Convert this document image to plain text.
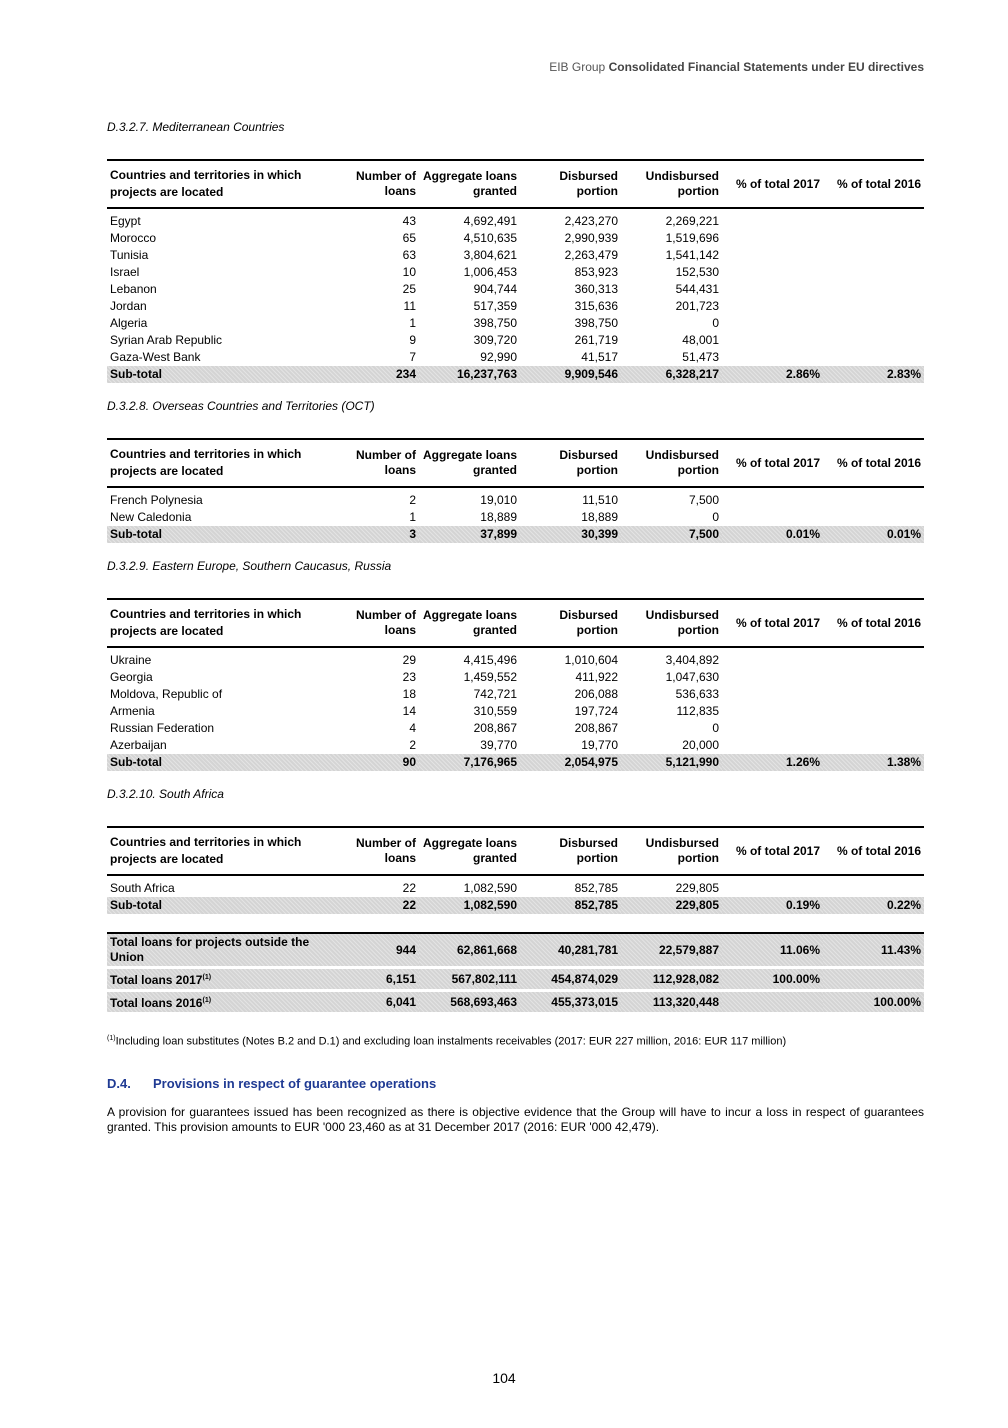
EIB Group Consolidated Financial Statements under EU directives
D.3.2.7. Mediterranean Countries
Countries and territories in which projects are located	Number of loans	Aggregate loans granted	Disbursed portion	Undisbursed portion	% of total 2017	% of total 2016
Egypt	43	4,692,491	2,423,270	2,269,221		
Morocco	65	4,510,635	2,990,939	1,519,696		
Tunisia	63	3,804,621	2,263,479	1,541,142		
Israel	10	1,006,453	853,923	152,530		
Lebanon	25	904,744	360,313	544,431		
Jordan	11	517,359	315,636	201,723		
Algeria	1	398,750	398,750	0		
Syrian Arab Republic	9	309,720	261,719	48,001		
Gaza-West Bank	7	92,990	41,517	51,473		
Sub-total	234	16,237,763	9,909,546	6,328,217	2.86%	2.83%
D.3.2.8. Overseas Countries and Territories (OCT)
Countries and territories in which projects are located	Number of loans	Aggregate loans granted	Disbursed portion	Undisbursed portion	% of total 2017	% of total 2016
French Polynesia	2	19,010	11,510	7,500		
New Caledonia	1	18,889	18,889	0		
Sub-total	3	37,899	30,399	7,500	0.01%	0.01%
D.3.2.9. Eastern Europe, Southern Caucasus, Russia
Countries and territories in which projects are located	Number of loans	Aggregate loans granted	Disbursed portion	Undisbursed portion	% of total 2017	% of total 2016
Ukraine	29	4,415,496	1,010,604	3,404,892		
Georgia	23	1,459,552	411,922	1,047,630		
Moldova, Republic of	18	742,721	206,088	536,633		
Armenia	14	310,559	197,724	112,835		
Russian Federation	4	208,867	208,867	0		
Azerbaijan	2	39,770	19,770	20,000		
Sub-total	90	7,176,965	2,054,975	5,121,990	1.26%	1.38%
D.3.2.10. South Africa
Countries and territories in which projects are located	Number of loans	Aggregate loans granted	Disbursed portion	Undisbursed portion	% of total 2017	% of total 2016
South Africa	22	1,082,590	852,785	229,805		
Sub-total	22	1,082,590	852,785	229,805	0.19%	0.22%
Total loans for projects outside the Union	944	62,861,668	40,281,781	22,579,887	11.06%	11.43%
Total loans 2017$^{(1)}$	6,151	567,802,111	454,874,029	112,928,082	100.00%	
Total loans 2016$^{(1)}$	6,041	568,693,463	455,373,015	113,320,448		100.00%
$^{(1)}$Including loan substitutes (Notes B.2 and D.1) and excluding loan instalments receivables (2017: EUR 227 million, 2016: EUR 117 million)
D.4. Provisions in respect of guarantee operations
A provision for guarantees issued has been recognized as there is objective evidence that the Group will have to incur a loss in respect of guarantees granted. This provision amounts to EUR '000 23,460 as at 31 December 2017 (2016: EUR '000 42,479).
104
